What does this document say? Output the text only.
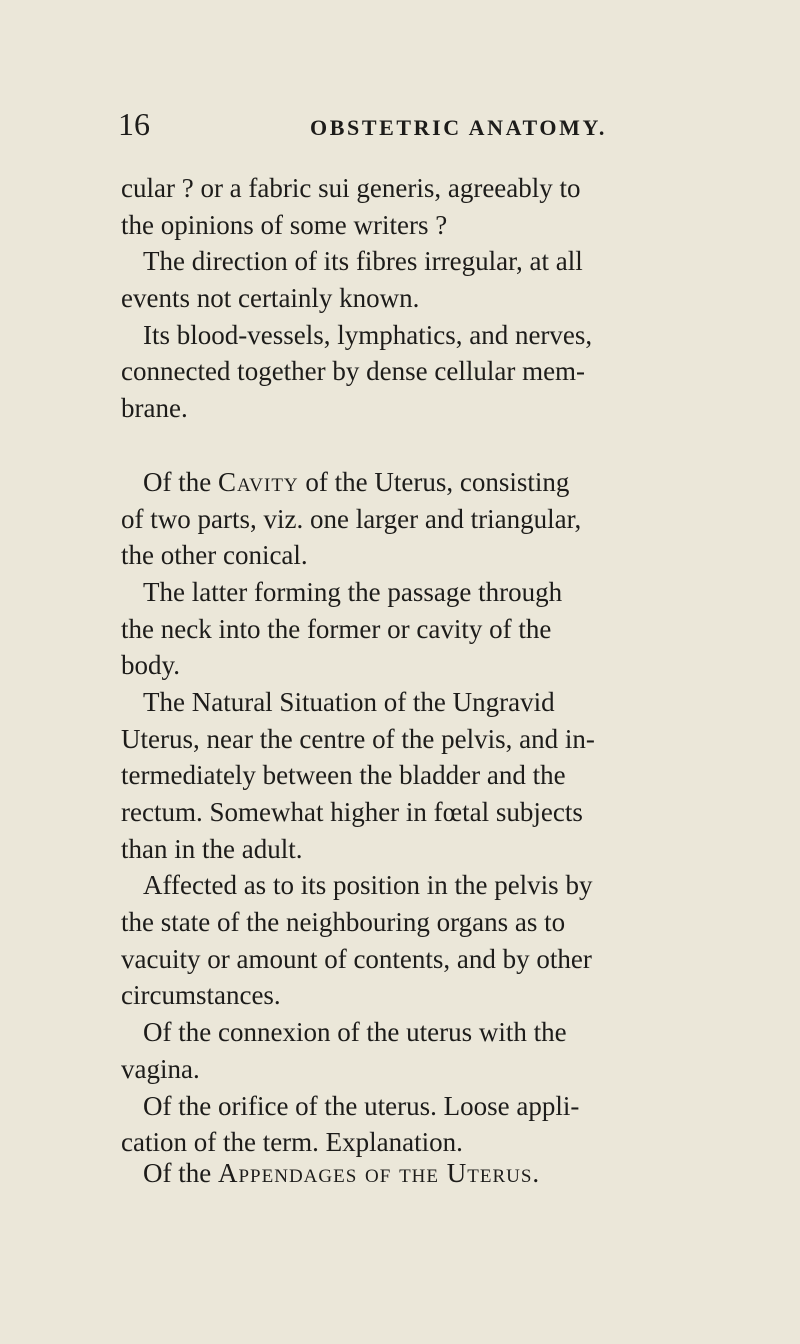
16	OBSTETRIC ANATOMY.
cular ? or a fabric sui generis, agreeably to
the opinions of some writers ?
The direction of its fibres irregular, at all
events not certainly known.
Its blood-vessels, lymphatics, and nerves,
connected together by dense cellular mem-
brane.
Of the Cavity of the Uterus, consisting
of two parts, viz. one larger and triangular,
the other conical.
The latter forming the passage through
the neck into the former or cavity of the
body.
The Natural Situation of the Ungravid
Uterus, near the centre of the pelvis, and in-
termediately between the bladder and the
rectum. Somewhat higher in fœtal subjects
than in the adult.
Affected as to its position in the pelvis by
the state of the neighbouring organs as to
vacuity or amount of contents, and by other
circumstances.
Of the connexion of the uterus with the
vagina.
Of the orifice of the uterus. Loose appli-
cation of the term. Explanation.
Of the Appendages of the Uterus.
